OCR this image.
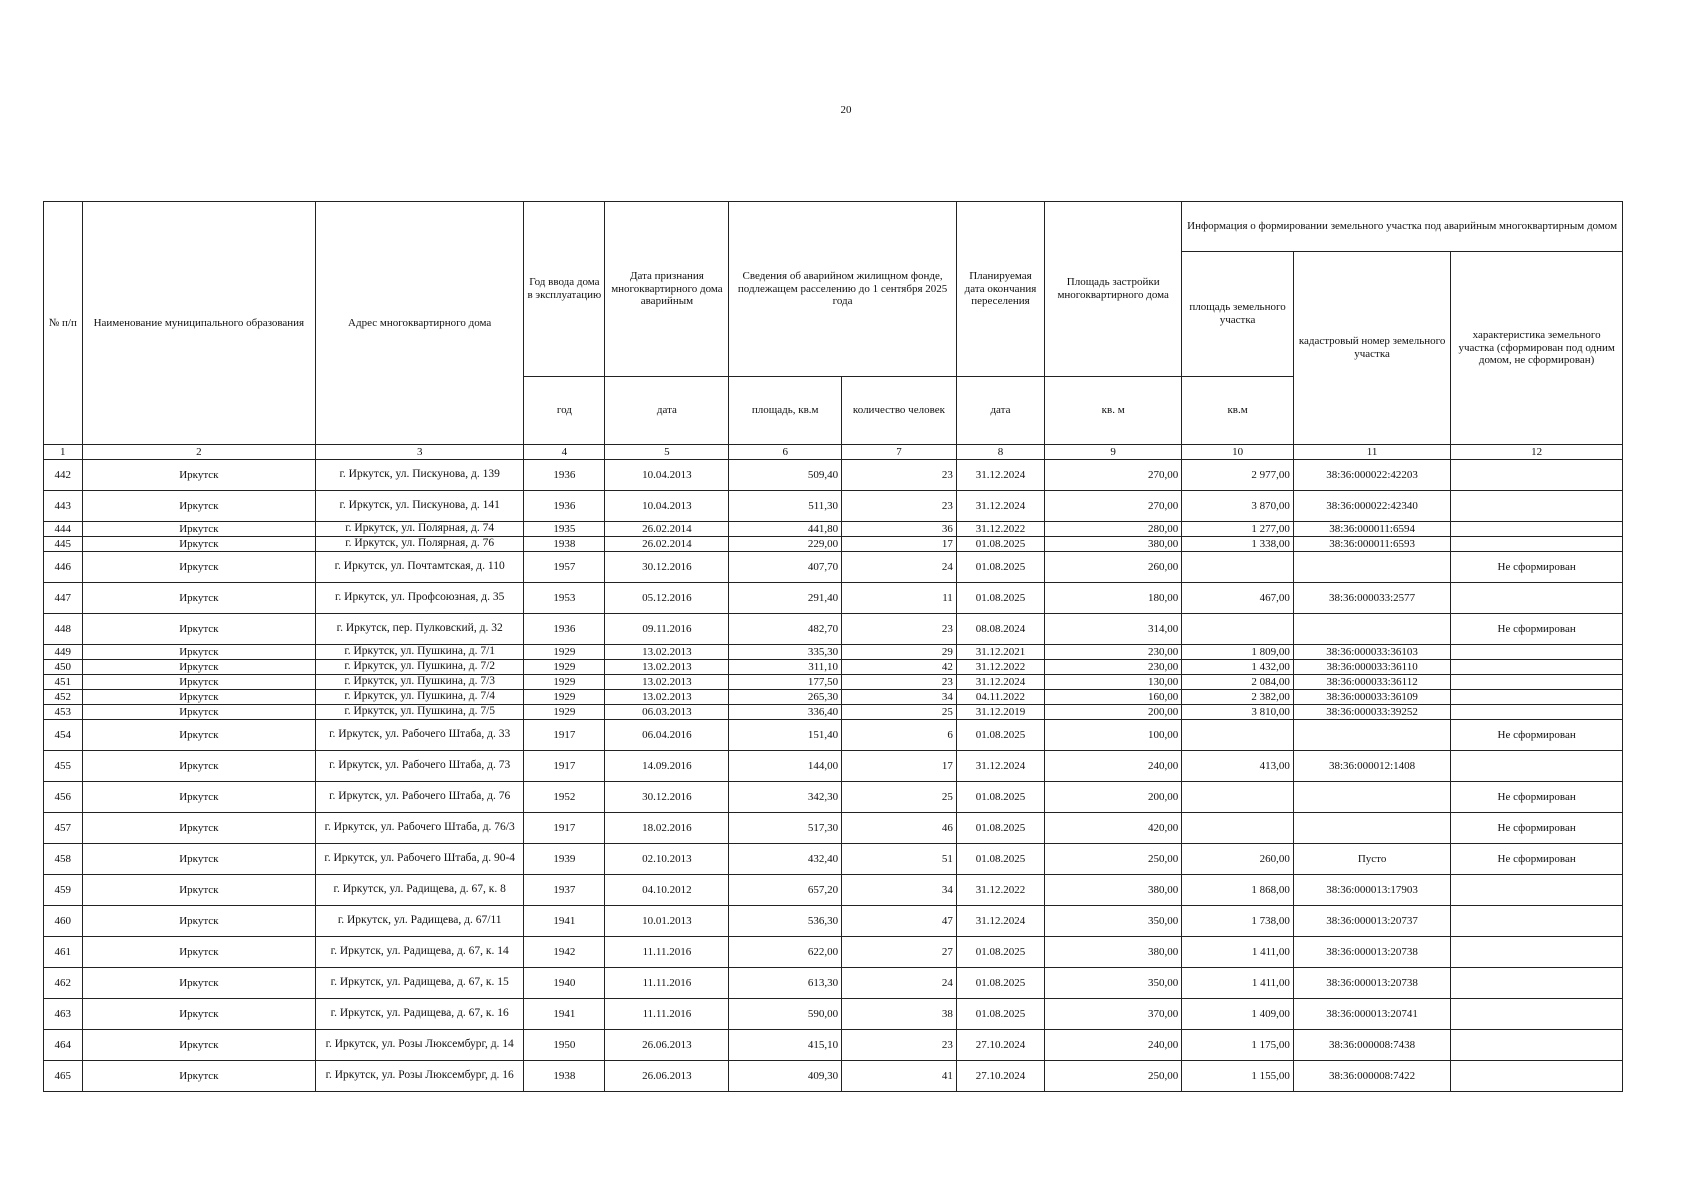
20
№ п/п	Наименование муниципального образования	Адрес многоквартирного дома	Год ввода дома в эксплуатацию	Дата признания многоквартирного дома аварийным	Сведения об аварийном жилищном фонде, подлежащем расселению до 1 сентября 2025 года		Планируемая дата окончания переселения	Площадь застройки многоквартирного дома	Информация о формировании земельного участка под аварийным многоквартирным домом		
									площадь земельного участка	кадастровый номер земельного участка	характеристика земельного участка (сформирован под одним домом, не сформирован)
			год	дата	площадь, кв.м	количество человек	дата	кв. м	кв.м		
1	2	3	4	5	6	7	8	9	10	11	12
442	Иркутск	г. Иркутск, ул. Пискунова, д. 139	1936	10.04.2013	509,40	23	31.12.2024	270,00	2 977,00	38:36:000022:42203	
443	Иркутск	г. Иркутск, ул. Пискунова, д. 141	1936	10.04.2013	511,30	23	31.12.2024	270,00	3 870,00	38:36:000022:42340	
444	Иркутск	г. Иркутск, ул. Полярная, д. 74	1935	26.02.2014	441,80	36	31.12.2022	280,00	1 277,00	38:36:000011:6594	
445	Иркутск	г. Иркутск, ул. Полярная, д. 76	1938	26.02.2014	229,00	17	01.08.2025	380,00	1 338,00	38:36:000011:6593	
446	Иркутск	г. Иркутск, ул. Почтамтская, д. 110	1957	30.12.2016	407,70	24	01.08.2025	260,00			Не сформирован
447	Иркутск	г. Иркутск, ул. Профсоюзная, д. 35	1953	05.12.2016	291,40	11	01.08.2025	180,00	467,00	38:36:000033:2577	
448	Иркутск	г. Иркутск, пер. Пулковский, д. 32	1936	09.11.2016	482,70	23	08.08.2024	314,00			Не сформирован
449	Иркутск	г. Иркутск, ул. Пушкина, д. 7/1	1929	13.02.2013	335,30	29	31.12.2021	230,00	1 809,00	38:36:000033:36103	
450	Иркутск	г. Иркутск, ул. Пушкина, д. 7/2	1929	13.02.2013	311,10	42	31.12.2022	230,00	1 432,00	38:36:000033:36110	
451	Иркутск	г. Иркутск, ул. Пушкина, д. 7/3	1929	13.02.2013	177,50	23	31.12.2024	130,00	2 084,00	38:36:000033:36112	
452	Иркутск	г. Иркутск, ул. Пушкина, д. 7/4	1929	13.02.2013	265,30	34	04.11.2022	160,00	2 382,00	38:36:000033:36109	
453	Иркутск	г. Иркутск, ул. Пушкина, д. 7/5	1929	06.03.2013	336,40	25	31.12.2019	200,00	3 810,00	38:36:000033:39252	
454	Иркутск	г. Иркутск, ул. Рабочего Штаба, д. 33	1917	06.04.2016	151,40	6	01.08.2025	100,00			Не сформирован
455	Иркутск	г. Иркутск, ул. Рабочего Штаба, д. 73	1917	14.09.2016	144,00	17	31.12.2024	240,00	413,00	38:36:000012:1408	
456	Иркутск	г. Иркутск, ул. Рабочего Штаба, д. 76	1952	30.12.2016	342,30	25	01.08.2025	200,00			Не сформирован
457	Иркутск	г. Иркутск, ул. Рабочего Штаба, д. 76/3	1917	18.02.2016	517,30	46	01.08.2025	420,00			Не сформирован
458	Иркутск	г. Иркутск, ул. Рабочего Штаба, д. 90-4	1939	02.10.2013	432,40	51	01.08.2025	250,00	260,00	Пусто	Не сформирован
459	Иркутск	г. Иркутск, ул. Радищева, д. 67, к. 8	1937	04.10.2012	657,20	34	31.12.2022	380,00	1 868,00	38:36:000013:17903	
460	Иркутск	г. Иркутск, ул. Радищева, д. 67/11	1941	10.01.2013	536,30	47	31.12.2024	350,00	1 738,00	38:36:000013:20737	
461	Иркутск	г. Иркутск, ул. Радищева, д. 67, к. 14	1942	11.11.2016	622,00	27	01.08.2025	380,00	1 411,00	38:36:000013:20738	
462	Иркутск	г. Иркутск, ул. Радищева, д. 67, к. 15	1940	11.11.2016	613,30	24	01.08.2025	350,00	1 411,00	38:36:000013:20738	
463	Иркутск	г. Иркутск, ул. Радищева, д. 67, к. 16	1941	11.11.2016	590,00	38	01.08.2025	370,00	1 409,00	38:36:000013:20741	
464	Иркутск	г. Иркутск, ул. Розы Люксембург, д. 14	1950	26.06.2013	415,10	23	27.10.2024	240,00	1 175,00	38:36:000008:7438	
465	Иркутск	г. Иркутск, ул. Розы Люксембург, д. 16	1938	26.06.2013	409,30	41	27.10.2024	250,00	1 155,00	38:36:000008:7422	
